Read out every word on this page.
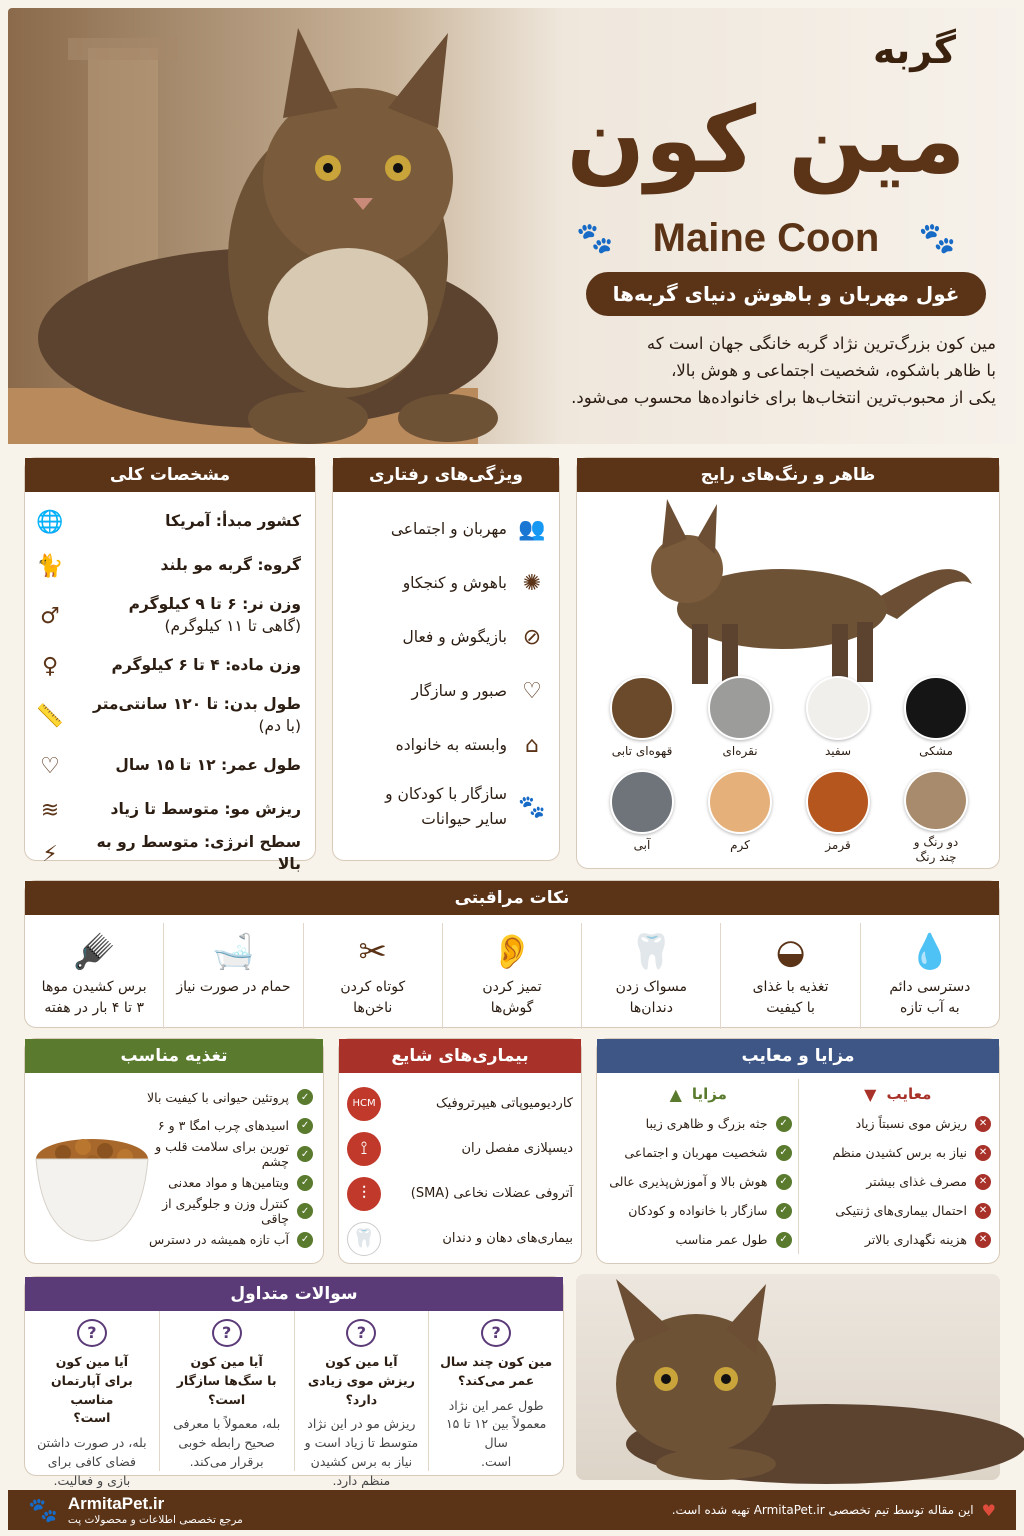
گربه
مین کون
🐾 Maine Coon 🐾
غول مهربان و باهوش دنیای گربه‌ها
مین کون بزرگ‌ترین نژاد گربه خانگی جهان است که
با ظاهر باشکوه، شخصیت اجتماعی و هوش بالا،
یکی از محبوب‌ترین انتخاب‌ها برای خانواده‌ها محسوب می‌شود.
مشخصات کلی
کشور مبدأ: آمریکا
🌐
گروه: گربه مو بلند
🐈
وزن نر: ۶ تا ۹ کیلوگرم
(گاهی تا ۱۱ کیلوگرم)
♂
وزن ماده: ۴ تا ۶ کیلوگرم
♀
طول بدن: تا ۱۲۰ سانتی‌متر
(با دم)
📏
طول عمر: ۱۲ تا ۱۵ سال
♡
ریزش مو: متوسط تا زیاد
≋
سطح انرژی: متوسط رو به بالا
⚡
ویژگی‌های رفتاری
👥
مهربان و اجتماعی
✺
باهوش و کنجکاو
⊘
بازیگوش و فعال
♡
صبور و سازگار
⌂
وابسته به خانواده
🐾
سازگار با کودکان و
سایر حیوانات
ظاهر و رنگ‌های رایج
مشکی
سفید
نقره‌ای
قهوه‌ای تابی
دو رنگ و
چند رنگ
قرمز
کرم
آبی
نکات مراقبتی
💧
دسترسی دائم
به آب تازه
◒
تغذیه با غذای
با کیفیت
🦷
مسواک زدن
دندان‌ها
👂
تمیز کردن
گوش‌ها
✂
کوتاه کردن
ناخن‌ها
🛁
حمام در صورت نیاز
🪮
برس کشیدن موها
۳ تا ۴ بار در هفته
مزایا و معایب
معایب
▼
✕
ریزش موی نسبتاً زیاد
✕
نیاز به برس کشیدن منظم
✕
مصرف غذای بیشتر
✕
احتمال بیماری‌های ژنتیکی
✕
هزینه نگهداری بالاتر
مزایا
▲
✓
جثه بزرگ و ظاهری زیبا
✓
شخصیت مهربان و اجتماعی
✓
هوش بالا و آموزش‌پذیری عالی
✓
سازگار با خانواده و کودکان
✓
طول عمر مناسب
بیماری‌های شایع
کاردیومیوپاتی هیپرتروفیک
HCM
دیسپلازی مفصل ران
⟟
آتروفی عضلات نخاعی (SMA)
⫶
بیماری‌های دهان و دندان
🦷
تغذیه مناسب
✓
پروتئین حیوانی با کیفیت بالا
✓
اسیدهای چرب امگا ۳ و ۶
✓
تورین برای سلامت قلب و چشم
✓
ویتامین‌ها و مواد معدنی
✓
کنترل وزن و جلوگیری از چاقی
✓
آب تازه همیشه در دسترس
سوالات متداول
?
مین کون چند سال
عمر می‌کند؟
طول عمر این نژاد
معمولاً بین ۱۲ تا ۱۵ سال
است.
?
آیا مین کون
ریزش موی زیادی
دارد؟
ریزش مو در این نژاد
متوسط تا زیاد است و
نیاز به برس کشیدن
منظم دارد.
?
آیا مین کون
با سگ‌ها سازگار
است؟
بله، معمولاً با معرفی
صحیح رابطه خوبی
برقرار می‌کند.
?
آیا مین کون
برای آپارتمان مناسب
است؟
بله، در صورت داشتن
فضای کافی برای
بازی و فعالیت.
🐾 ArmitaPet.ir
مرجع تخصصی اطلاعات و محصولات پت
♥
این مقاله توسط تیم تخصصی ArmitaPet.ir تهیه شده است.
